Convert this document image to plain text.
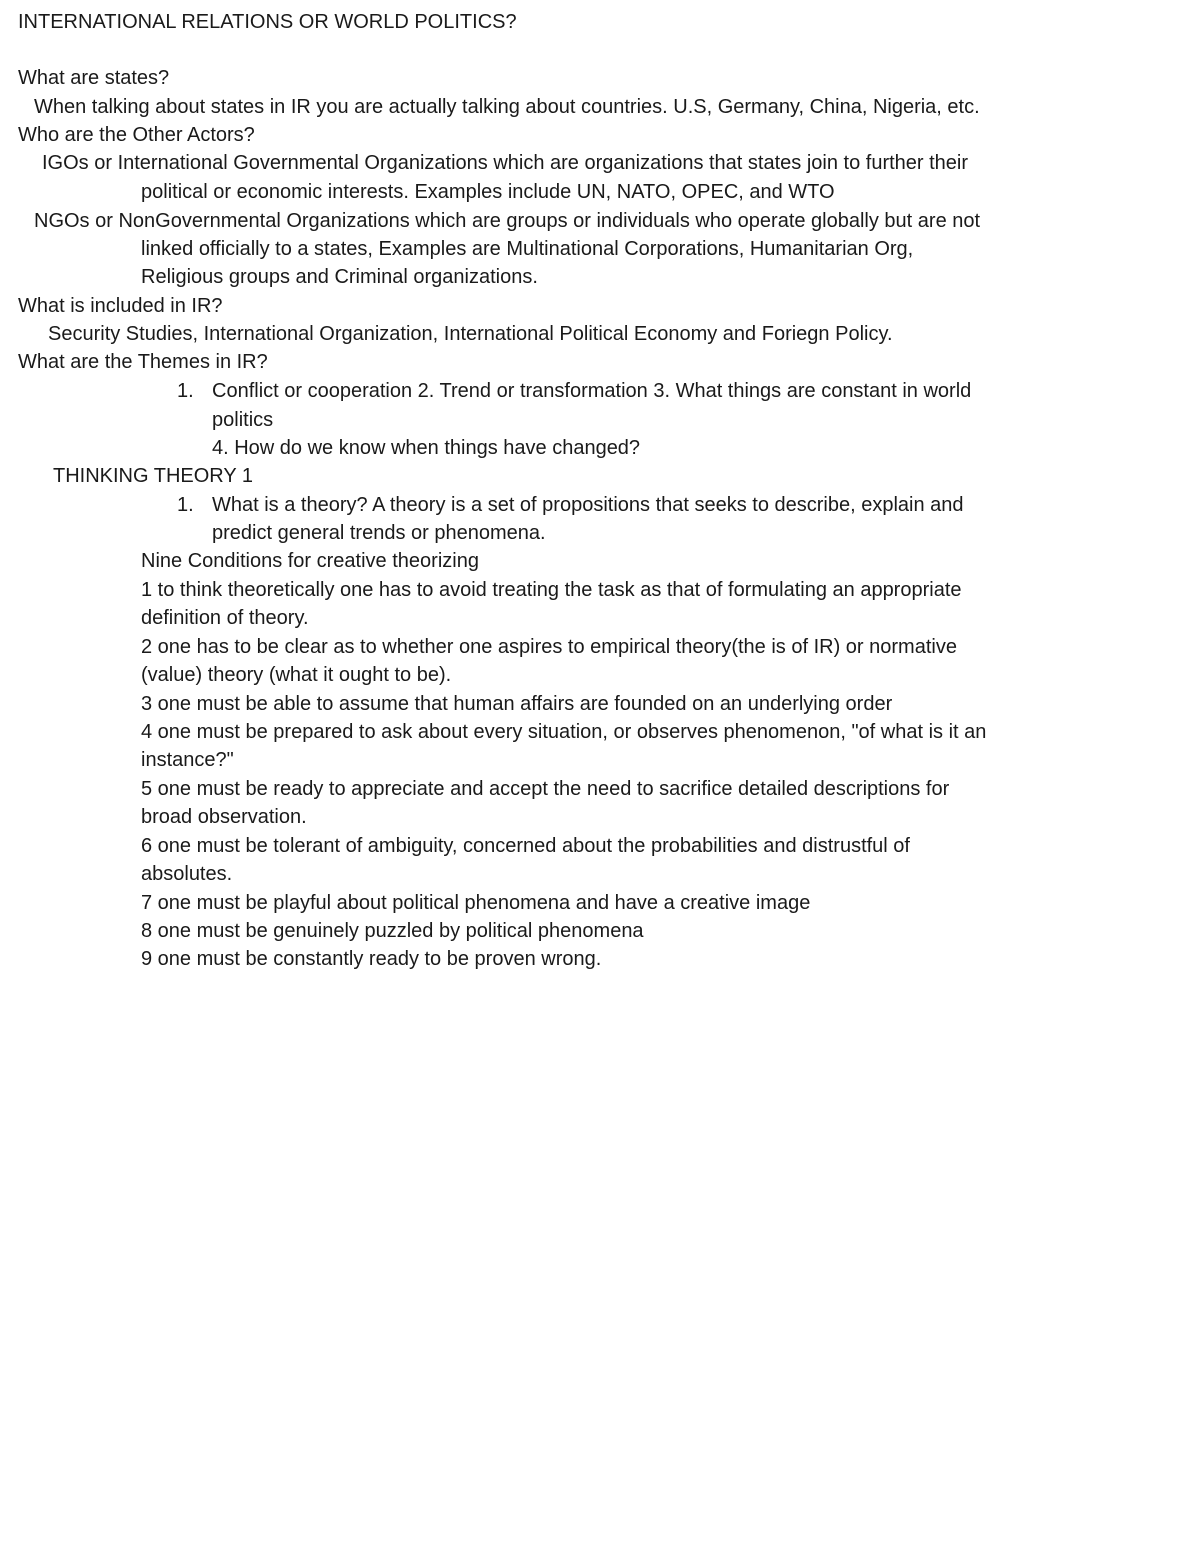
INTERNATIONAL RELATIONS OR WORLD POLITICS?
What are states?
When talking about states in IR you are actually talking about countries. U.S, Germany, China, Nigeria, etc.
Who are the Other Actors?
IGOs or International Governmental Organizations which are organizations that states join to further their
political or economic interests. Examples include UN, NATO, OPEC, and WTO
NGOs or NonGovernmental Organizations which are groups or individuals who operate globally but are not
linked officially to a states, Examples are Multinational Corporations, Humanitarian Org,
Religious groups and Criminal organizations.
What is included in IR?
Security Studies, International Organization, International Political Economy and Foriegn Policy.
What are the Themes in IR?
1. Conflict or cooperation 2. Trend or transformation 3. What things are constant in world
politics
4. How do we know when things have changed?
THINKING THEORY 1
1. What is a theory? A theory is a set of propositions that seeks to describe, explain and
predict general trends or phenomena.
Nine Conditions for creative theorizing
1 to think theoretically one has to avoid treating the task as that of formulating an appropriate
definition of theory.
2 one has to be clear as to whether one aspires to empirical theory(the is of IR) or normative
(value) theory (what it ought to be).
3 one must be able to assume that human affairs are founded on an underlying order
4 one must be prepared to ask about every situation, or observes phenomenon, "of what is it an
instance?"
5 one must be ready to appreciate and accept the need to sacrifice detailed descriptions for
broad observation.
6 one must be tolerant of ambiguity, concerned about the probabilities and distrustful of
absolutes.
7 one must be playful about political phenomena and have a creative image
8 one must be genuinely puzzled by political phenomena
9 one must be constantly ready to be proven wrong.
